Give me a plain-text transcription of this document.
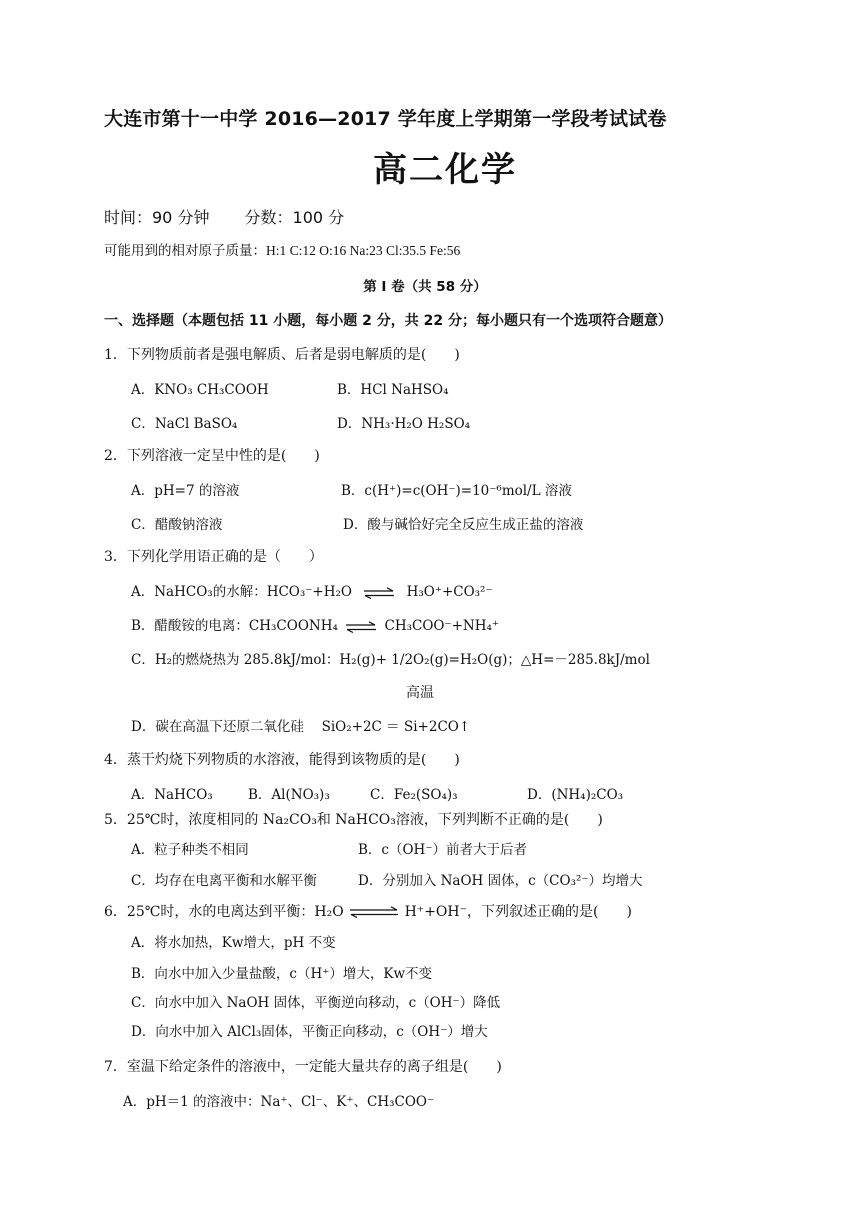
大连市第十一中学 2016—2017 学年度上学期第一学段考试试卷
高二化学
时间：90 分钟 分数：100 分
可能用到的相对原子质量：H:1 C:12 O:16 Na:23 Cl:35.5 Fe:56
第 I 卷（共 58 分）
一、选择题（本题包括 11 小题，每小题 2 分，共 22 分；每小题只有一个选项符合题意）
1．下列物质前者是强电解质、后者是弱电解质的是(　　)
A．KNO₃ CH₃COOH	B．HCl NaHSO₄
C．NaCl BaSO₄	D．NH₃·H₂O H₂SO₄
2．下列溶液一定呈中性的是(　　)
A．pH=7 的溶液	B．c(H⁺)=c(OH⁻)=10⁻⁶mol/L 溶液
C．醋酸钠溶液	D．酸与碱恰好完全反应生成正盐的溶液
3．下列化学用语正确的是（　　）
A．NaHCO₃的水解：HCO₃⁻+H₂O ⇌ H₃O⁺+CO₃²⁻
B．醋酸铵的电离：CH₃COONH₄ ⇌ CH₃COO⁻+NH₄⁺
C．H₂的燃烧热为 285.8kJ/mol：H₂(g)+ 1/2O₂(g)=H₂O(g)；△H=－285.8kJ/mol
高温
D．碳在高温下还原二氧化硅　 SiO₂+2C ＝ Si+2CO↑
4．蒸干灼烧下列物质的水溶液，能得到该物质的是(　　)
A．NaHCO₃	B．Al(NO₃)₃	C．Fe₂(SO₄)₃	D．(NH₄)₂CO₃
5．25℃时，浓度相同的 Na₂CO₃和 NaHCO₃溶液，下列判断不正确的是(　　)
A．粒子种类不相同	B．c（OH⁻）前者大于后者
C．均存在电离平衡和水解平衡	D．分别加入 NaOH 固体，c（CO₃²⁻）均增大
6．25℃时，水的电离达到平衡：H₂O ⇌ H⁺+OH⁻，下列叙述正确的是(　　)
A．将水加热，Kw增大，pH 不变
B．向水中加入少量盐酸，c（H⁺）增大，Kw不变
C．向水中加入 NaOH 固体，平衡逆向移动，c（OH⁻）降低
D．向水中加入 AlCl₃固体，平衡正向移动，c（OH⁻）增大
7．室温下给定条件的溶液中，一定能大量共存的离子组是(　　)
A．pH＝1 的溶液中：Na⁺、Cl⁻、K⁺、CH₃COO⁻
